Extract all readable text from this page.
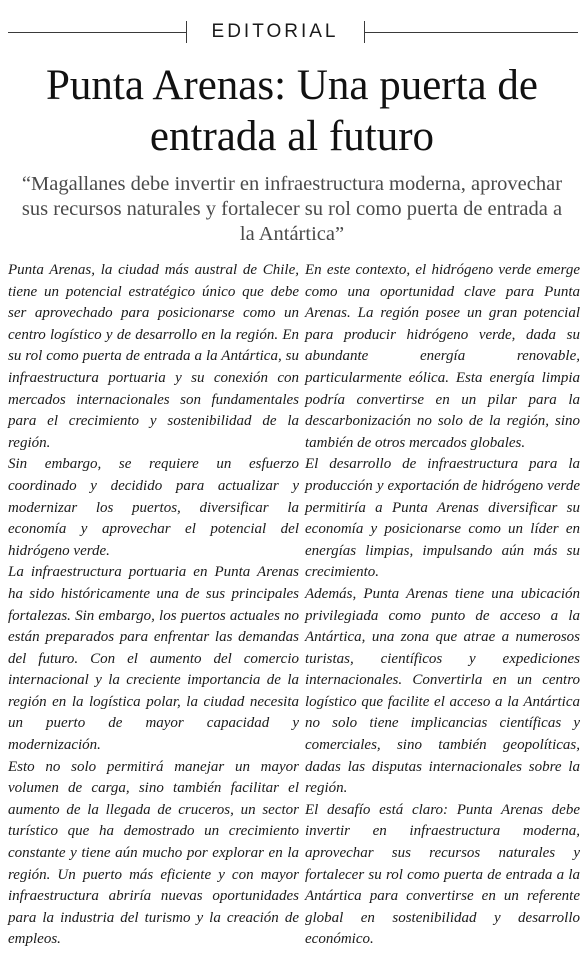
EDITORIAL
Punta Arenas: Una puerta de entrada al futuro

“Magallanes debe invertir en infraestructura moderna, aprovechar sus recursos naturales y fortalecer su rol como puerta de entrada a la Antártica”

Punta Arenas, la ciudad más austral de Chile, tiene un potencial estratégico único que debe ser aprovechado para posicionarse como un centro logístico y de desarrollo en la región. En su rol como puerta de entrada a la Antártica, su infraestructura portuaria y su conexión con mercados internacionales son fundamentales para el crecimiento y sostenibilidad de la región.

Sin embargo, se requiere un esfuerzo coordinado y decidido para actualizar y modernizar los puertos, diversificar la economía y aprovechar el potencial del hidrógeno verde.

La infraestructura portuaria en Punta Arenas ha sido históricamente una de sus principales fortalezas. Sin embargo, los puertos actuales no están preparados para enfrentar las demandas del futuro. Con el aumento del comercio internacional y la creciente importancia de la región en la logística polar, la ciudad necesita un puerto de mayor capacidad y modernización.

Esto no solo permitirá manejar un mayor volumen de carga, sino también facilitar el aumento de la llegada de cruceros, un sector turístico que ha demostrado un crecimiento constante y tiene aún mucho por explorar en la región. Un puerto más eficiente y con mayor infraestructura abriría nuevas oportunidades para la industria del turismo y la creación de empleos.

En este contexto, el hidrógeno verde emerge como una oportunidad clave para Punta Arenas. La región posee un gran potencial para producir hidrógeno verde, dada su abundante energía renovable, particularmente eólica. Esta energía limpia podría convertirse en un pilar para la descarbonización no solo de la región, sino también de otros mercados globales.

El desarrollo de infraestructura para la producción y exportación de hidrógeno verde permitiría a Punta Arenas diversificar su economía y posicionarse como un líder en energías limpias, impulsando aún más su crecimiento.

Además, Punta Arenas tiene una ubicación privilegiada como punto de acceso a la Antártica, una zona que atrae a numerosos turistas, científicos y expediciones internacionales. Convertirla en un centro logístico que facilite el acceso a la Antártica no solo tiene implicancias científicas y comerciales, sino también geopolíticas, dadas las disputas internacionales sobre la región.

El desafío está claro: Punta Arenas debe invertir en infraestructura moderna, aprovechar sus recursos naturales y fortalecer su rol como puerta de entrada a la Antártica para convertirse en un referente global en sostenibilidad y desarrollo económico.
